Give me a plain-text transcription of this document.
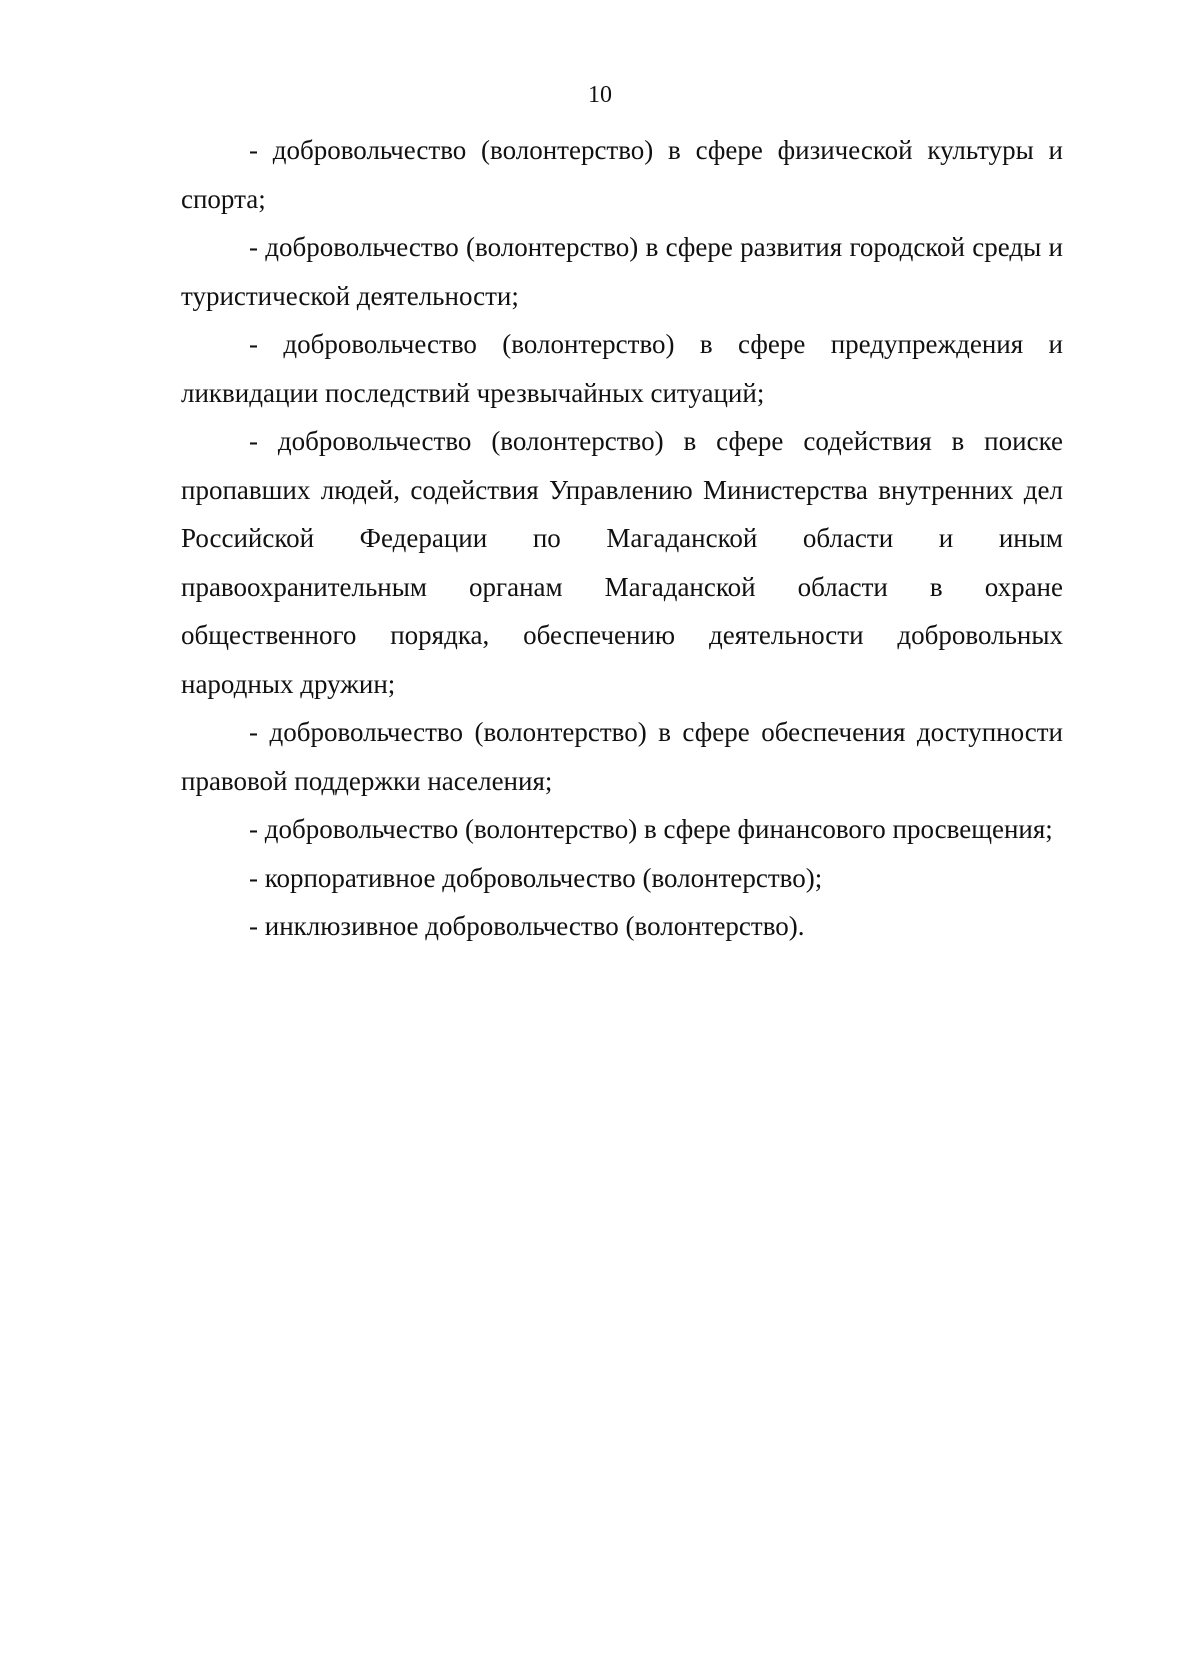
10

- добровольчество (волонтерство) в сфере физической культуры и спорта;

- добровольчество (волонтерство) в сфере развития городской среды и туристической деятельности;

- добровольчество (волонтерство) в сфере предупреждения и ликвидации последствий чрезвычайных ситуаций;

- добровольчество (волонтерство) в сфере содействия в поиске пропавших людей, содействия Управлению Министерства внутренних дел Российской Федерации по Магаданской области и иным правоохранительным органам Магаданской области в охране общественного порядка, обеспечению деятельности добровольных народных дружин;

- добровольчество (волонтерство) в сфере обеспечения доступности правовой поддержки населения;

- добровольчество (волонтерство) в сфере финансового просвещения;

- корпоративное добровольчество (волонтерство);

- инклюзивное добровольчество (волонтерство).
